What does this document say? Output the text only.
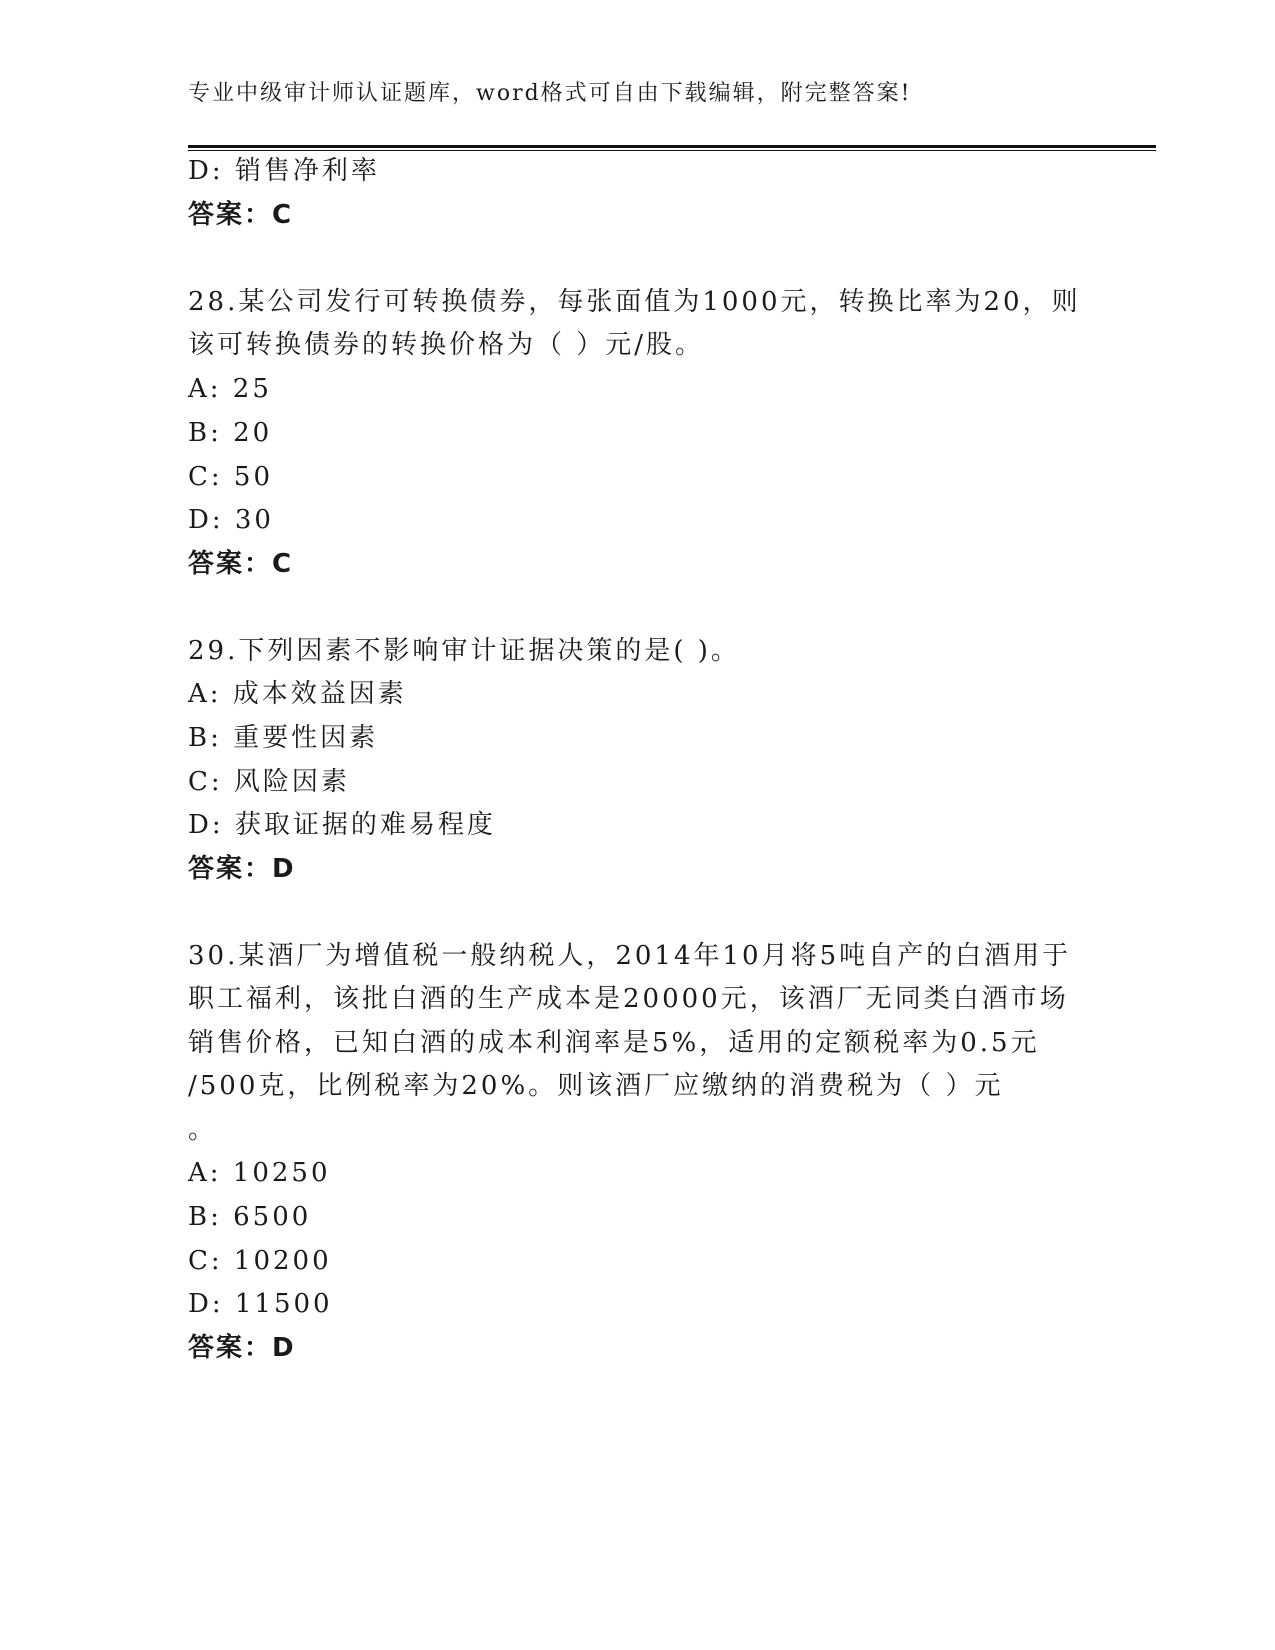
专业中级审计师认证题库，word格式可自由下载编辑，附完整答案!
D: 销售净利率
答案：C
28.某公司发行可转换债券，每张面值为1000元，转换比率为20，则
该可转换债券的转换价格为（ ）元/股。
A: 25
B: 20
C: 50
D: 30
答案：C
29.下列因素不影响审计证据决策的是( )。
A: 成本效益因素
B: 重要性因素
C: 风险因素
D: 获取证据的难易程度
答案：D
30.某酒厂为增值税一般纳税人，2014年10月将5吨自产的白酒用于
职工福利，该批白酒的生产成本是20000元，该酒厂无同类白酒市场
销售价格，已知白酒的成本利润率是5%，适用的定额税率为0.5元
/500克，比例税率为20%。则该酒厂应缴纳的消费税为（ ）元
。
A: 10250
B: 6500
C: 10200
D: 11500
答案：D
